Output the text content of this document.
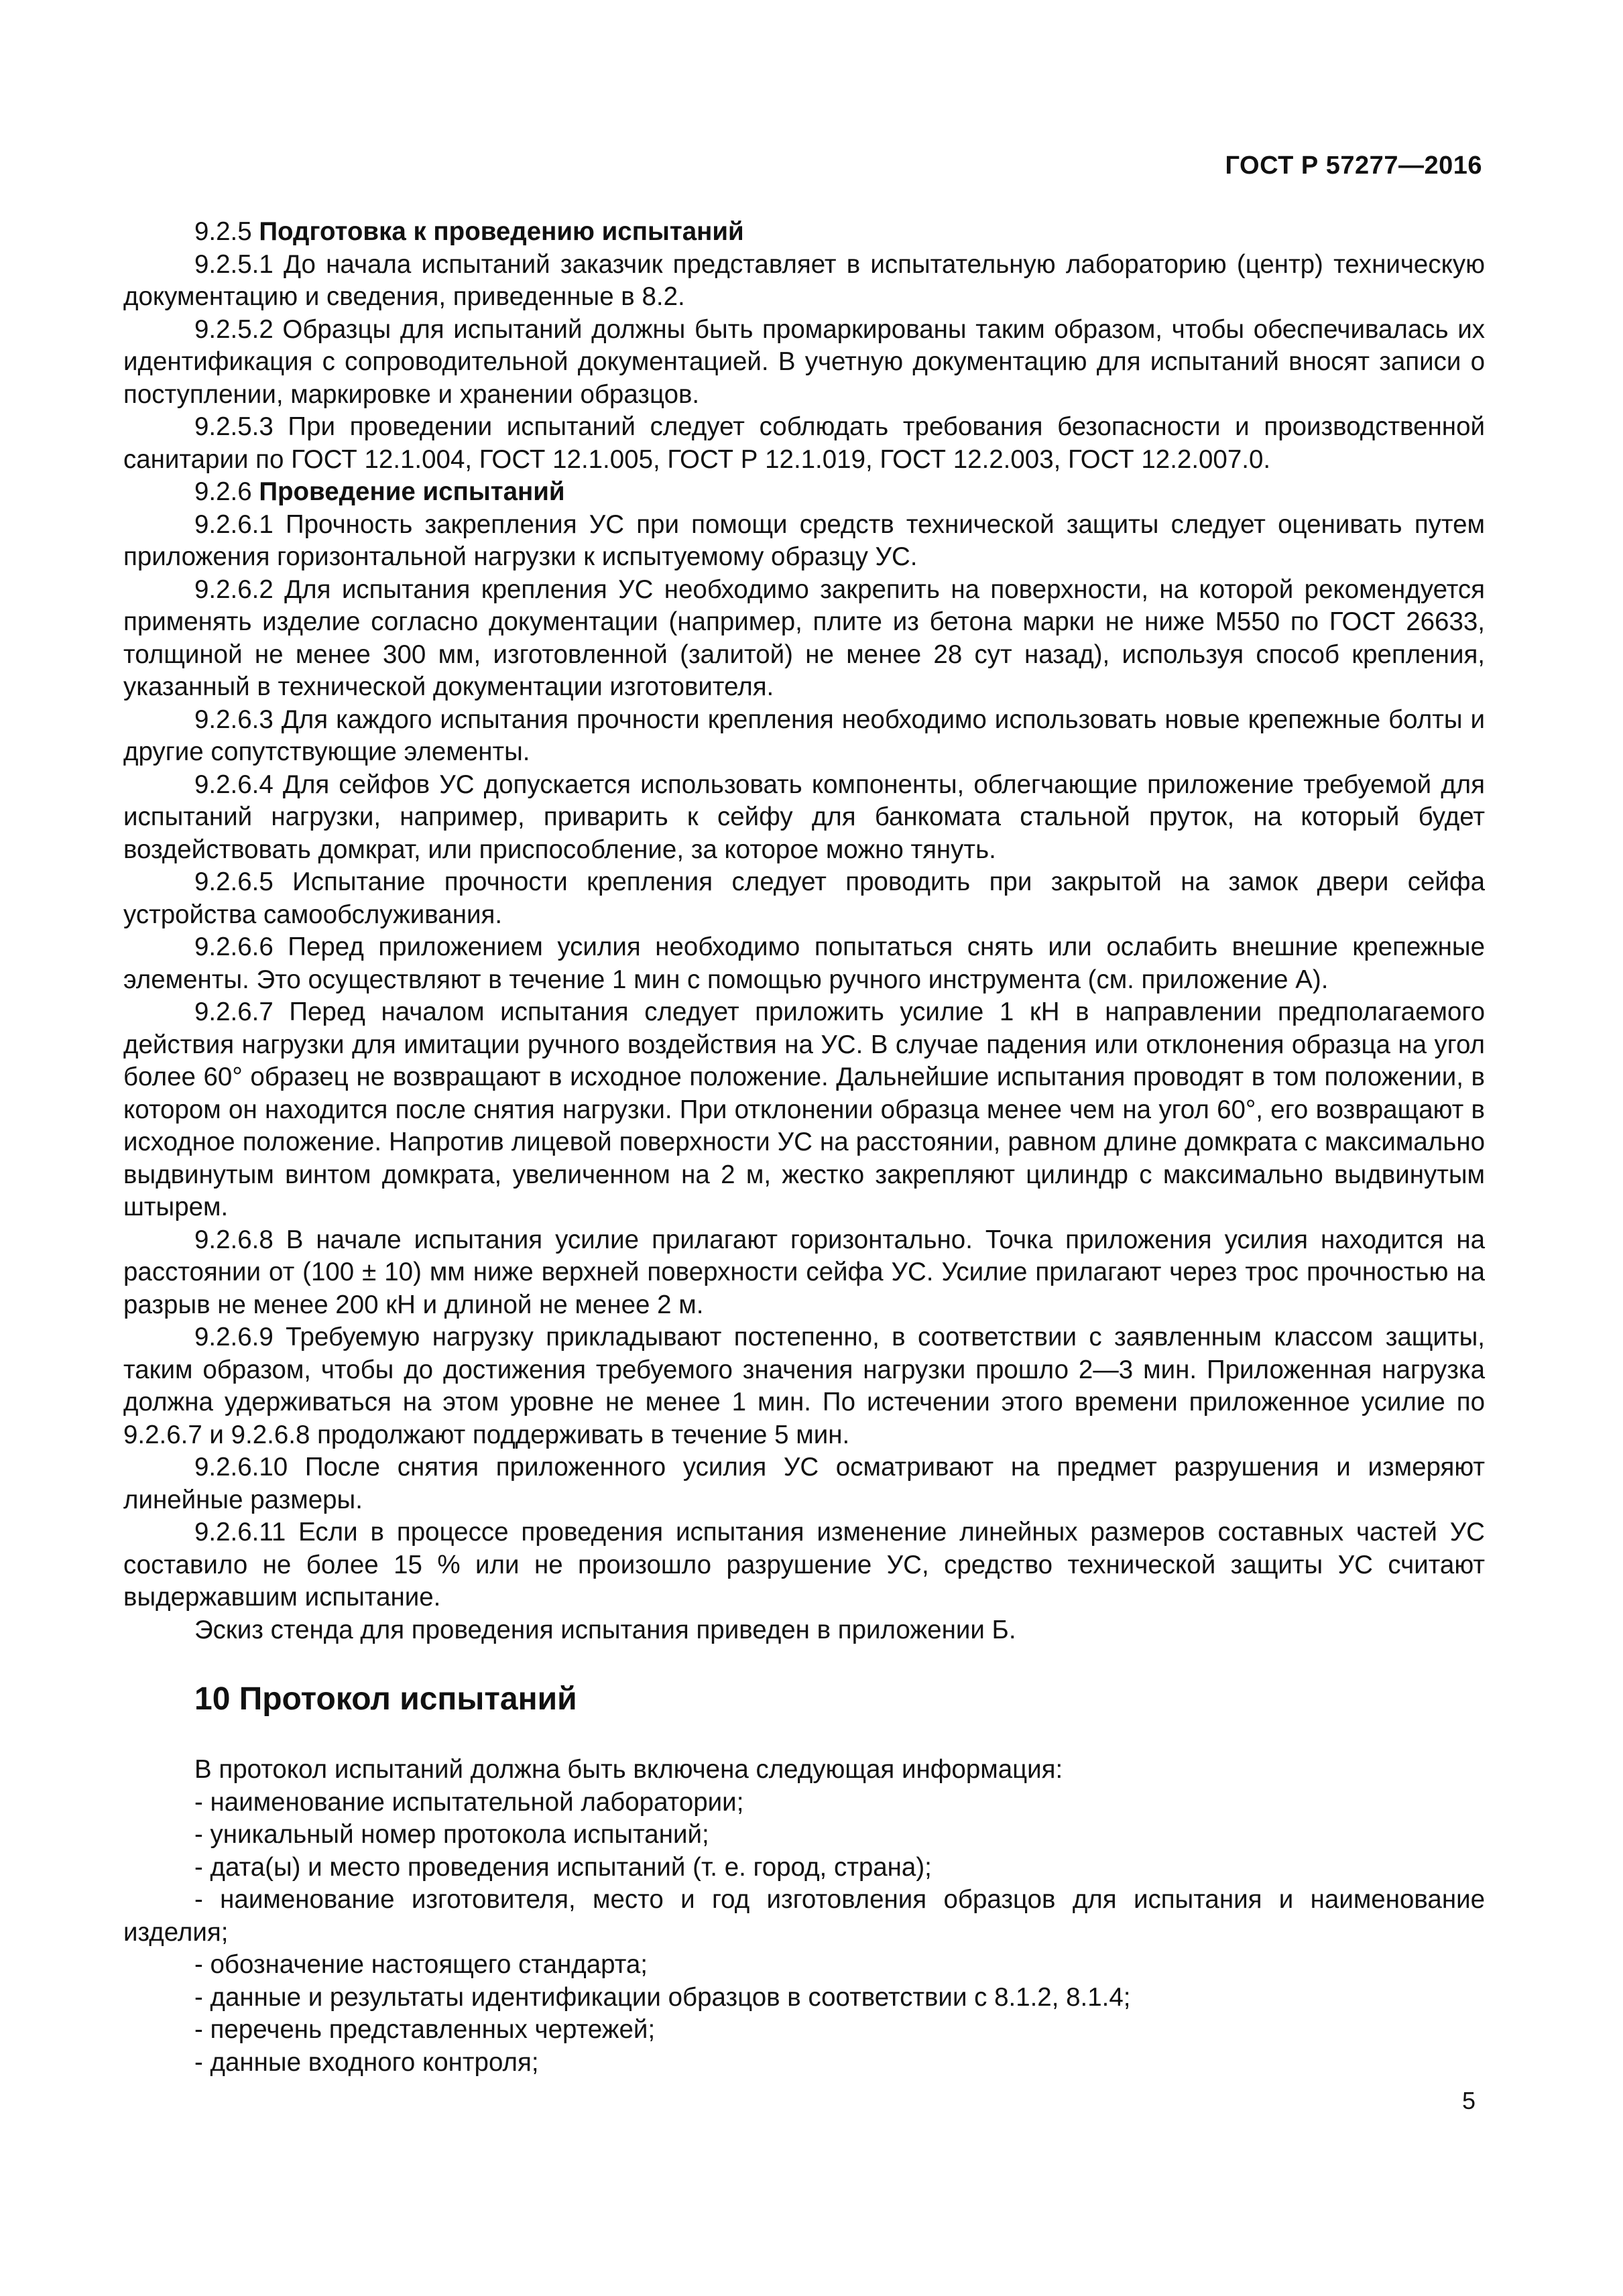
ГОСТ Р 57277—2016

9.2.5 Подготовка к проведению испытаний

9.2.5.1 До начала испытаний заказчик представляет в испытательную лабораторию (центр) техническую документацию и сведения, приведенные в 8.2.

9.2.5.2 Образцы для испытаний должны быть промаркированы таким образом, чтобы обеспечивалась их идентификация с сопроводительной документацией. В учетную документацию для испытаний вносят записи о поступлении, маркировке и хранении образцов.

9.2.5.3 При проведении испытаний следует соблюдать требования безопасности и производственной санитарии по ГОСТ 12.1.004, ГОСТ 12.1.005, ГОСТ Р 12.1.019, ГОСТ 12.2.003, ГОСТ 12.2.007.0.

9.2.6 Проведение испытаний

9.2.6.1 Прочность закрепления УС при помощи средств технической защиты следует оценивать путем приложения горизонтальной нагрузки к испытуемому образцу УС.

9.2.6.2 Для испытания крепления УС необходимо закрепить на поверхности, на которой рекомендуется применять изделие согласно документации (например, плите из бетона марки не ниже М550 по ГОСТ 26633, толщиной не менее 300 мм, изготовленной (залитой) не менее 28 сут назад), используя способ крепления, указанный в технической документации изготовителя.

9.2.6.3 Для каждого испытания прочности крепления необходимо использовать новые крепежные болты и другие сопутствующие элементы.

9.2.6.4 Для сейфов УС допускается использовать компоненты, облегчающие приложение требуемой для испытаний нагрузки, например, приварить к сейфу для банкомата стальной пруток, на который будет воздействовать домкрат, или приспособление, за которое можно тянуть.

9.2.6.5 Испытание прочности крепления следует проводить при закрытой на замок двери сейфа устройства самообслуживания.

9.2.6.6 Перед приложением усилия необходимо попытаться снять или ослабить внешние крепежные элементы. Это осуществляют в течение 1 мин с помощью ручного инструмента (см. приложение А).

9.2.6.7 Перед началом испытания следует приложить усилие 1 кН в направлении предполагаемого действия нагрузки для имитации ручного воздействия на УС. В случае падения или отклонения образца на угол более 60° образец не возвращают в исходное положение. Дальнейшие испытания проводят в том положении, в котором он находится после снятия нагрузки. При отклонении образца менее чем на угол 60°, его возвращают в исходное положение. Напротив лицевой поверхности УС на расстоянии, равном длине домкрата с максимально выдвинутым винтом домкрата, увеличенном на 2 м, жестко закрепляют цилиндр с максимально выдвинутым штырем.

9.2.6.8 В начале испытания усилие прилагают горизонтально. Точка приложения усилия находится на расстоянии от (100 ± 10) мм ниже верхней поверхности сейфа УС. Усилие прилагают через трос прочностью на разрыв не менее 200 кН и длиной не менее 2 м.

9.2.6.9 Требуемую нагрузку прикладывают постепенно, в соответствии с заявленным классом защиты, таким образом, чтобы до достижения требуемого значения нагрузки прошло 2—3 мин. Приложенная нагрузка должна удерживаться на этом уровне не менее 1 мин. По истечении этого времени приложенное усилие по 9.2.6.7 и 9.2.6.8 продолжают поддерживать в течение 5 мин.

9.2.6.10 После снятия приложенного усилия УС осматривают на предмет разрушения и измеряют линейные размеры.

9.2.6.11 Если в процессе проведения испытания изменение линейных размеров составных частей УС составило не более 15 % или не произошло разрушение УС, средство технической защиты УС считают выдержавшим испытание.

Эскиз стенда для проведения испытания приведен в приложении Б.

10 Протокол испытаний

В протокол испытаний должна быть включена следующая информация:

- наименование испытательной лаборатории;

- уникальный номер протокола испытаний;

- дата(ы) и место проведения испытаний (т. е. город, страна);

- наименование изготовителя, место и год изготовления образцов для испытания и наименование изделия;

- обозначение настоящего стандарта;

- данные и результаты идентификации образцов в соответствии с 8.1.2, 8.1.4;

- перечень представленных чертежей;

- данные входного контроля;

5
